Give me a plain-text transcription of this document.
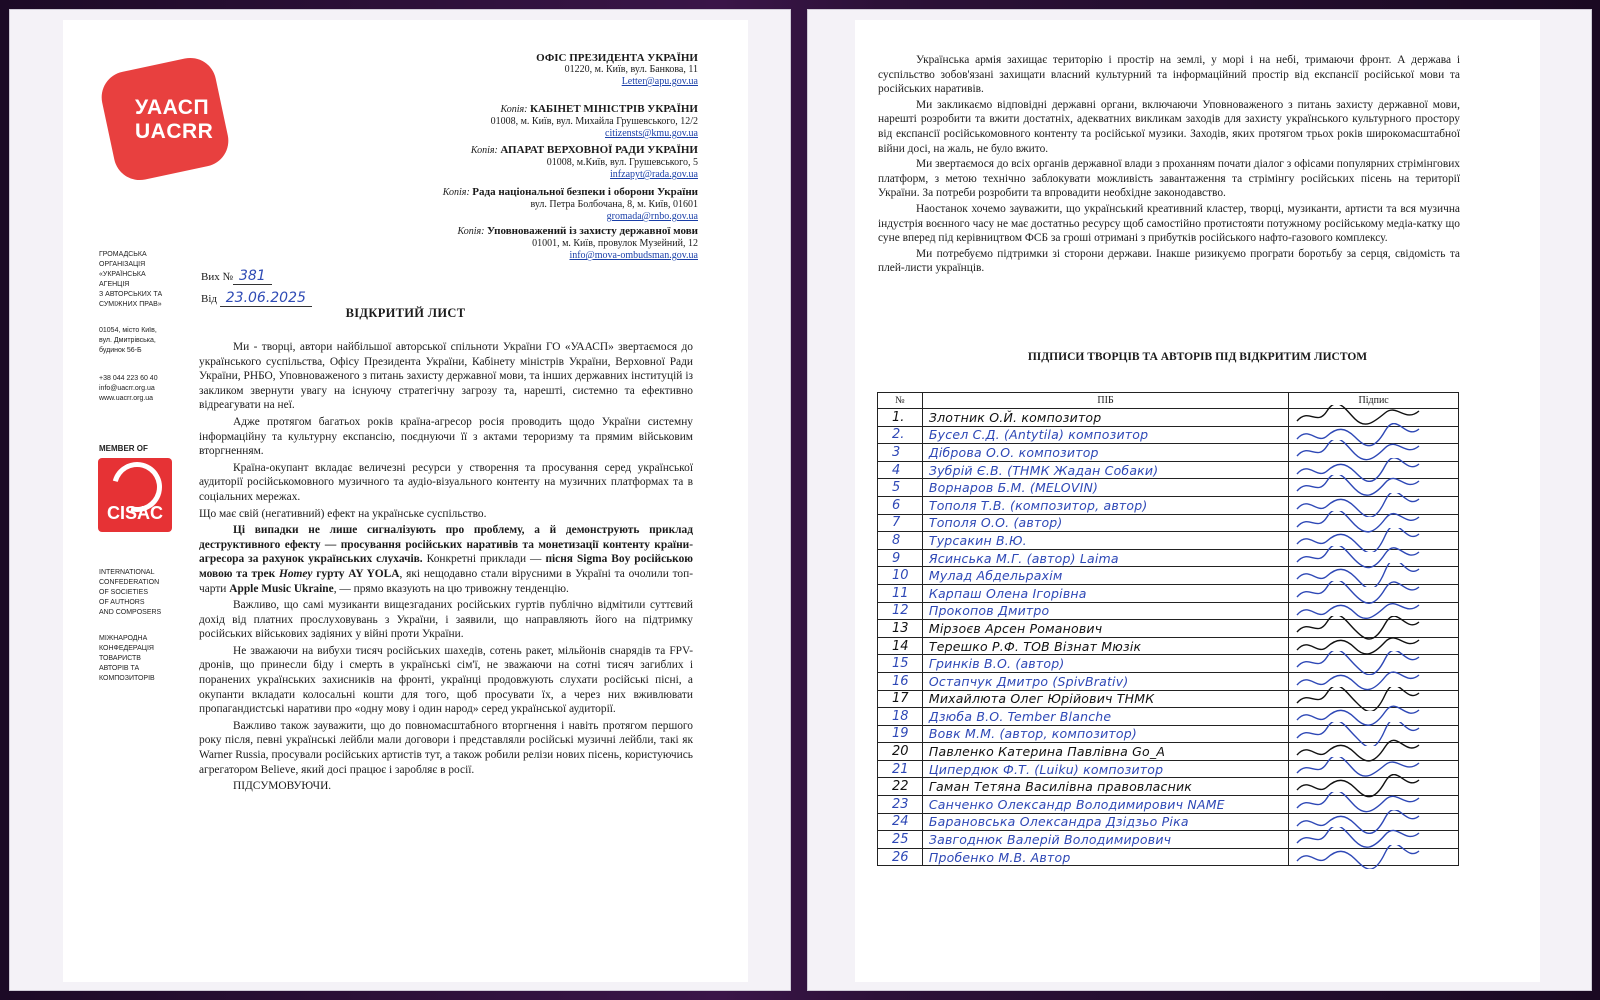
УААСП
UACRR
ГРОМАДСЬКА
ОРГАНІЗАЦІЯ
«УКРАЇНСЬКА
АГЕНЦІЯ
З АВТОРСЬКИХ ТА
СУМІЖНИХ ПРАВ»
01054, місто Київ,
вул. Дмитрівська,
будинок 56-Б
+38 044 223 60 40
info@uacrr.org.ua
www.uacrr.org.ua
MEMBER OF
CISAC
INTERNATIONAL
CONFEDERATION
OF SOCIETIES
OF AUTHORS
AND COMPOSERS
МІЖНАРОДНА
КОНФЕДЕРАЦІЯ
ТОВАРИСТВ
АВТОРІВ ТА
КОМПОЗИТОРІВ
ОФІС ПРЕЗИДЕНТА УКРАЇНИ
01220, м. Київ, вул. Банкова, 11
Letter@apu.gov.ua
Копія: КАБІНЕТ МІНІСТРІВ УКРАЇНИ
01008, м. Київ, вул. Михайла Грушевського, 12/2
citizensts@kmu.gov.ua
Копія: АПАРАТ ВЕРХОВНОЇ РАДИ УКРАЇНИ
01008, м.Київ, вул. Грушевського, 5
infzapyt@rada.gov.ua
Копія: Рада національної безпеки і оборони України
вул. Петра Болбочана, 8, м. Київ, 01601
gromada@rnbo.gov.ua
Копія: Уповноважений із захисту державної мови
01001, м. Київ, провулок Музейний, 12
info@mova-ombudsman.gov.ua
Вих № 381
Від 23.06.2025
ВІДКРИТИЙ ЛИСТ

Ми - творці, автори найбільшої авторської спільноти України ГО «УААСП» звертаємося до українського суспільства, Офісу Президента України, Кабінету міністрів України, Верховної Ради України, РНБО, Уповноваженого з питань захисту державної мови, та інших державних інституцій із закликом звернути увагу на існуючу стратегічну загрозу та, нарешті, системно та ефективно відреагувати на неї.

Адже протягом багатьох років країна-агресор росія проводить щодо України системну інформаційну та культурну експансію, поєднуючи її з актами тероризму та прямим військовим вторгненням.

Країна-окупант вкладає величезні ресурси у створення та просування серед української аудиторії російськомовного музичного та аудіо-візуального контенту на музичних платформах та в соціальних мережах.

Що має свій (негативний) ефект на українське суспільство.

Ці випадки не лише сигналізують про проблему, а й демонструють приклад деструктивного ефекту — просування російських наративів та монетизації контенту країни-агресора за рахунок українських слухачів. Конкретні приклади — пісня Sigma Boy російською мовою та трек Homey гурту AY YOLA, які нещодавно стали вірусними в Україні та очолили топ-чарти Apple Music Ukraine, — прямо вказують на цю тривожну тенденцію.

Важливо, що самі музиканти вищезгаданих російських гуртів публічно відмітили суттєвий дохід від платних прослуховувань з України, і заявили, що направляють його на підтримку російських військових задіяних у війні проти України.

Не зважаючи на вибухи тисяч російських шахедів, сотень ракет, мільйонів снарядів та FPV-дронів, що принесли біду і смерть в українські сім'ї, не зважаючи на сотні тисяч загиблих і поранених українських захисників на фронті, українці продовжують слухати російські пісні, а окупанти вкладати колосальні кошти для того, щоб просувати їх, а через них вживлювати пропагандистські наративи про «одну мову і один народ» серед української аудиторії.

Важливо також зауважити, що до повномасштабного вторгнення і навіть протягом першого року після, певні українські лейбли мали договори і представляли російські музичні лейбли, такі як Warner Russia, просували російських артистів тут, а також робили релізи нових пісень, користуючись агрегатором Believe, який досі працює і заробляє в росії.

ПІДСУМОВУЮЧИ.

Українська армія захищає територію і простір на землі, у морі і на небі, тримаючи фронт. А держава і суспільство зобов'язані захищати власний культурний та інформаційний простір від експансії російської мови та російських наративів.

Ми закликаємо відповідні державні органи, включаючи Уповноваженого з питань захисту державної мови, нарешті розробити та вжити достатніх, адекватних викликам заходів для захисту українського культурного простору від експансії російськомовного контенту та російської музики. Заходів, яких протягом трьох років широкомасштабної війни досі, на жаль, не було вжито.

Ми звертаємося до всіх органів державної влади з проханням почати діалог з офісами популярних стрімінгових платформ, з метою технічно заблокувати можливість завантаження та стрімінгу російських пісень на території України. За потреби розробити та впровадити необхідне законодавство.

Наостанок хочемо зауважити, що український креативний кластер, творці, музиканти, артисти та вся музична індустрія воєнного часу не має достатньо ресурсу щоб самостійно протистояти потужному російському медіа-катку що суне вперед під керівництвом ФСБ за гроші отримані з прибутків російського нафто-газового комплексу.

Ми потребуємо підтримки зі сторони держави. Інакше ризикуємо програти боротьбу за серця, свідомість та плей-листи українців.

ПІДПИСИ ТВОРЦІВ ТА АВТОРІВ ПІД ВІДКРИТИМ ЛИСТОМ
№	ПІБ	Підпис
1.	Злотник О.Й. композитор	

2.	Бусел С.Д. (Antytila) композитор	

3	Діброва О.О. композитор	

4	Зубрій Є.В. (ТНМК Жадан Собаки)	

5	Ворнаров Б.М. (MELOVIN)	

6	Тополя Т.В. (композитор, автор)	

7	Тополя О.О. (автор)	

8	Турсакин В.Ю.	

9	Ясинська М.Г. (автор) Laima	

10	Мулад Абдельрахім	

11	Карпаш Олена Ігорівна	

12	Прокопов Дмитро	

13	Мірзоєв Арсен Романович	

14	Терешко Р.Ф. ТОВ Візнат Мюзік	

15	Гринків В.О. (автор)	

16	Остапчук Дмитро (SpivBrativ)	

17	Михайлюта Олег Юрійович ТНМК	

18	Дзюба В.О. Tember Blanche	

19	Вовк М.М. (автор, композитор)	

20	Павленко Катерина Павлівна Go_A	

21	Ципердюк Ф.Т. (Luiku) композитор	

22	Гаман Тетяна Василівна правовласник	

23	Санченко Олександр Володимирович NAME	

24	Барановська Олександра Дзідзьо Ріка	

25	Завгоднюк Валерій Володимирович	

26	Пробенко М.В. Автор	
